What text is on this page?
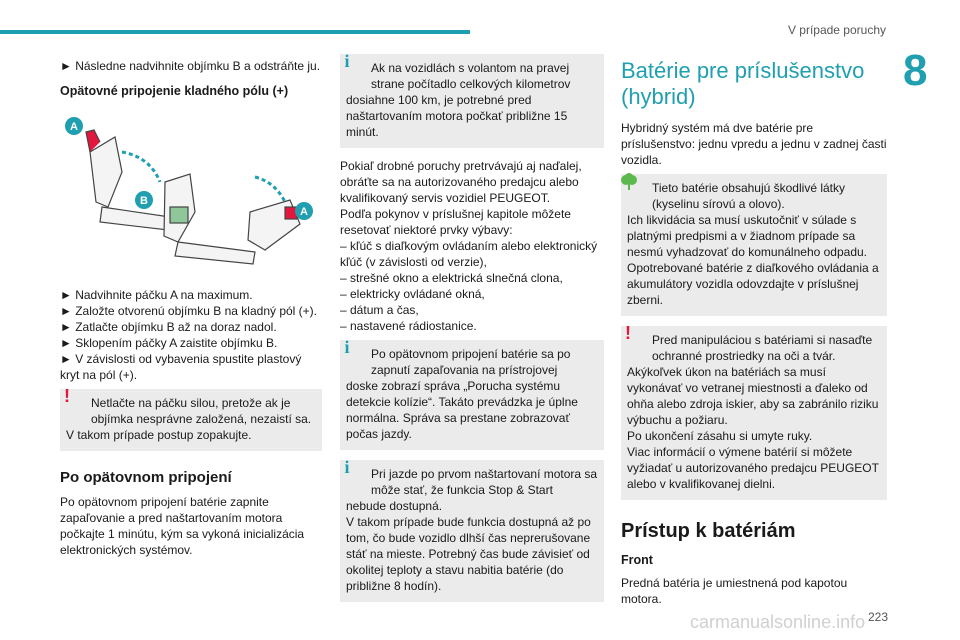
V prípade poruchy
8

► Následne nadvihnite objímku B a odstráňte ju.

Opätovné pripojenie kladného pólu (+)
A
B
A

► Nadvihnite páčku A na maximum.

► Založte otvorenú objímku B na kladný pól (+).

► Zatlačte objímku B až na doraz nadol.

► Sklopením páčky A zaistite objímku B.

► V závislosti od vybavenia spustite plastový kryt na pól (+).

!	Netlačte na páčku silou, pretože ak je objímka nesprávne založená, nezaistí sa.
V takom prípade postup zopakujte.
Po opätovnom pripojení

Po opätovnom pripojení batérie zapnite zapaľovanie a pred naštartovaním motora počkajte 1 minútu, kým sa vykoná inicializácia elektronických systémov.

i	Ak na vozidlách s volantom na pravej strane počítadlo celkových kilometrov
dosiahne 100 km, je potrebné pred naštartovaním motora počkať približne 15 minút.

Pokiaľ drobné poruchy pretrvávajú aj naďalej, obráťte sa na autorizovaného predajcu alebo kvalifikovaný servis vozidiel PEUGEOT.

Podľa pokynov v príslušnej kapitole môžete resetovať niektoré prvky výbavy:

– kľúč s diaľkovým ovládaním alebo elektronický kľúč (v závislosti od verzie),

– strešné okno a elektrická slnečná clona,

– elektricky ovládané okná,

– dátum a čas,

– nastavené rádiostanice.

i	Po opätovnom pripojení batérie sa po zapnutí zapaľovania na prístrojovej
doske zobrazí správa „Porucha systému detekcie kolízie“. Takáto prevádzka je úplne normálna. Správa sa prestane zobrazovať počas jazdy.
i	Pri jazde po prvom naštartovaní motora sa môže stať, že funkcia Stop & Start
nebude dostupná.
V takom prípade bude funkcia dostupná až po tom, čo bude vozidlo dlhší čas neprerušovane stáť na mieste. Potrebný čas bude závisieť od okolitej teploty a stavu nabitia batérie (do približne 8 hodín).
Batérie pre príslušenstvo (hybrid)

Hybridný systém má dve batérie pre príslušenstvo: jednu vpredu a jednu v zadnej časti vozidla.

Tieto batérie obsahujú škodlivé látky (kyselinu sírovú a olovo).
Ich likvidácia sa musí uskutočniť v súlade s platnými predpismi a v žiadnom prípade sa nesmú vyhadzovať do komunálneho odpadu. Opotrebované batérie z diaľkového ovládania a akumulátory vozidla odovzdajte v príslušnej zberni.
!	Pred manipuláciou s batériami si nasaďte ochranné prostriedky na oči a tvár.
Akýkoľvek úkon na batériách sa musí vykonávať vo vetranej miestnosti a ďaleko od ohňa alebo zdroja iskier, aby sa zabránilo riziku výbuchu a požiaru.
Po ukončení zásahu si umyte ruky.
Viac informácií o výmene batérií si môžete vyžiadať u autorizovaného predajcu PEUGEOT alebo v kvalifikovanej dielni.
Prístup k batériám
Front

Predná batéria je umiestnená pod kapotou motora.

carmanualsonline.info 223
